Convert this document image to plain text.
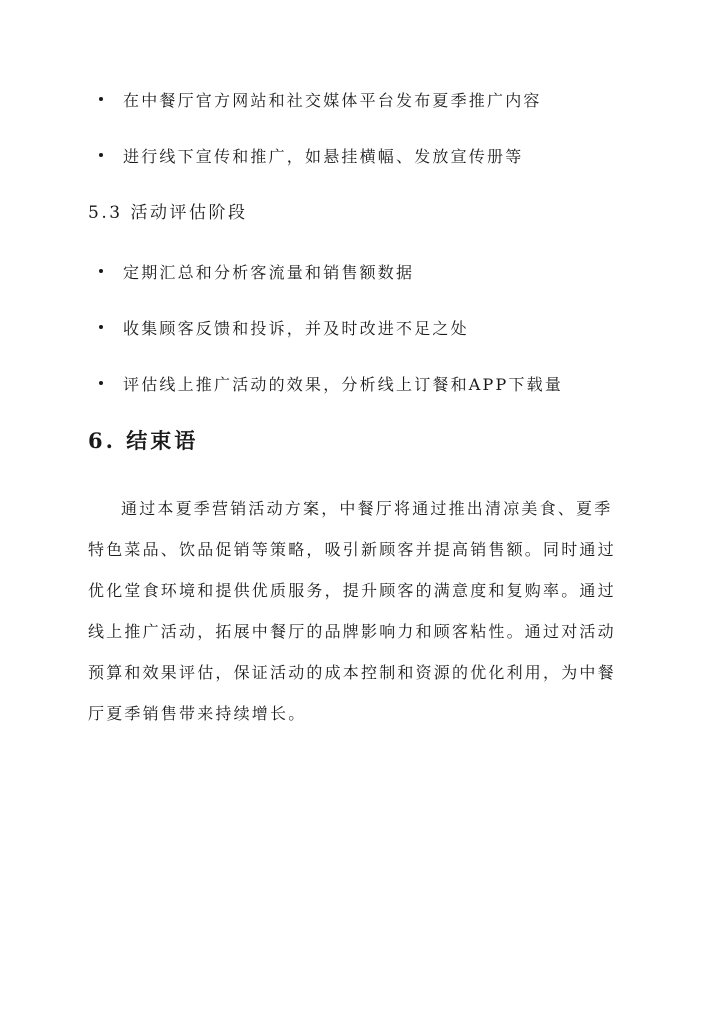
在中餐厅官方网站和社交媒体平台发布夏季推广内容
进行线下宣传和推广，如悬挂横幅、发放宣传册等
5.3 活动评估阶段
定期汇总和分析客流量和销售额数据
收集顾客反馈和投诉，并及时改进不足之处
评估线上推广活动的效果，分析线上订餐和APP下载量
6. 结束语

通过本夏季营销活动方案，中餐厅将通过推出清凉美食、夏季
特色菜品、饮品促销等策略，吸引新顾客并提高销售额。同时通过
优化堂食环境和提供优质服务，提升顾客的满意度和复购率。通过
线上推广活动，拓展中餐厅的品牌影响力和顾客粘性。通过对活动
预算和效果评估，保证活动的成本控制和资源的优化利用，为中餐
厅夏季销售带来持续增长。
